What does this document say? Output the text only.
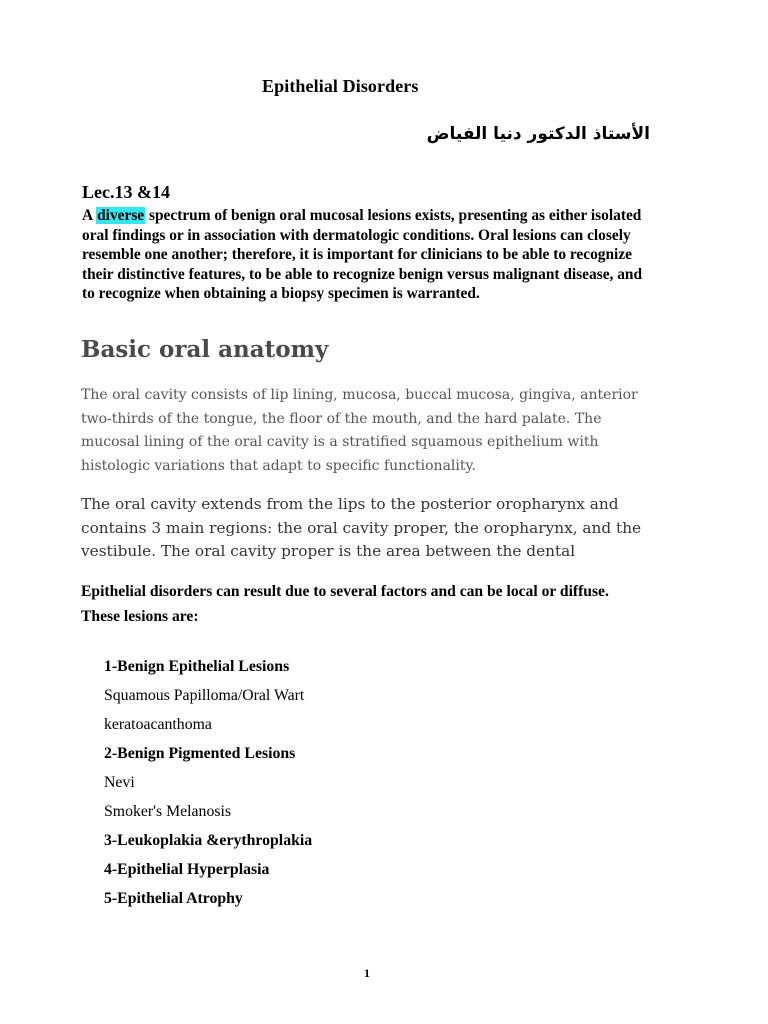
Epithelial Disorders
الأستاذ الدكتور دنيا الفياض
Lec.13 &14

A diverse spectrum of benign oral mucosal lesions exists, presenting as either isolated oral findings or in association with dermatologic conditions. Oral lesions can closely resemble one another; therefore, it is important for clinicians to be able to recognize their distinctive features, to be able to recognize benign versus malignant disease, and to recognize when obtaining a biopsy specimen is warranted.

Basic oral anatomy

The oral cavity consists of lip lining, mucosa, buccal mucosa, gingiva, anterior two-thirds of the tongue, the floor of the mouth, and the hard palate. The mucosal lining of the oral cavity is a stratified squamous epithelium with histologic variations that adapt to specific functionality.

The oral cavity extends from the lips to the posterior oropharynx and contains 3 main regions: the oral cavity proper, the oropharynx, and the vestibule. The oral cavity proper is the area between the dental

Epithelial disorders can result due to several factors and can be local or diffuse. These lesions are:

1-Benign Epithelial Lesions
Squamous Papilloma/Oral Wart
keratoacanthoma
2-Benign Pigmented Lesions
Nevi
Smoker's Melanosis
3-Leukoplakia &erythroplakia
4-Epithelial Hyperplasia
5-Epithelial Atrophy
1
